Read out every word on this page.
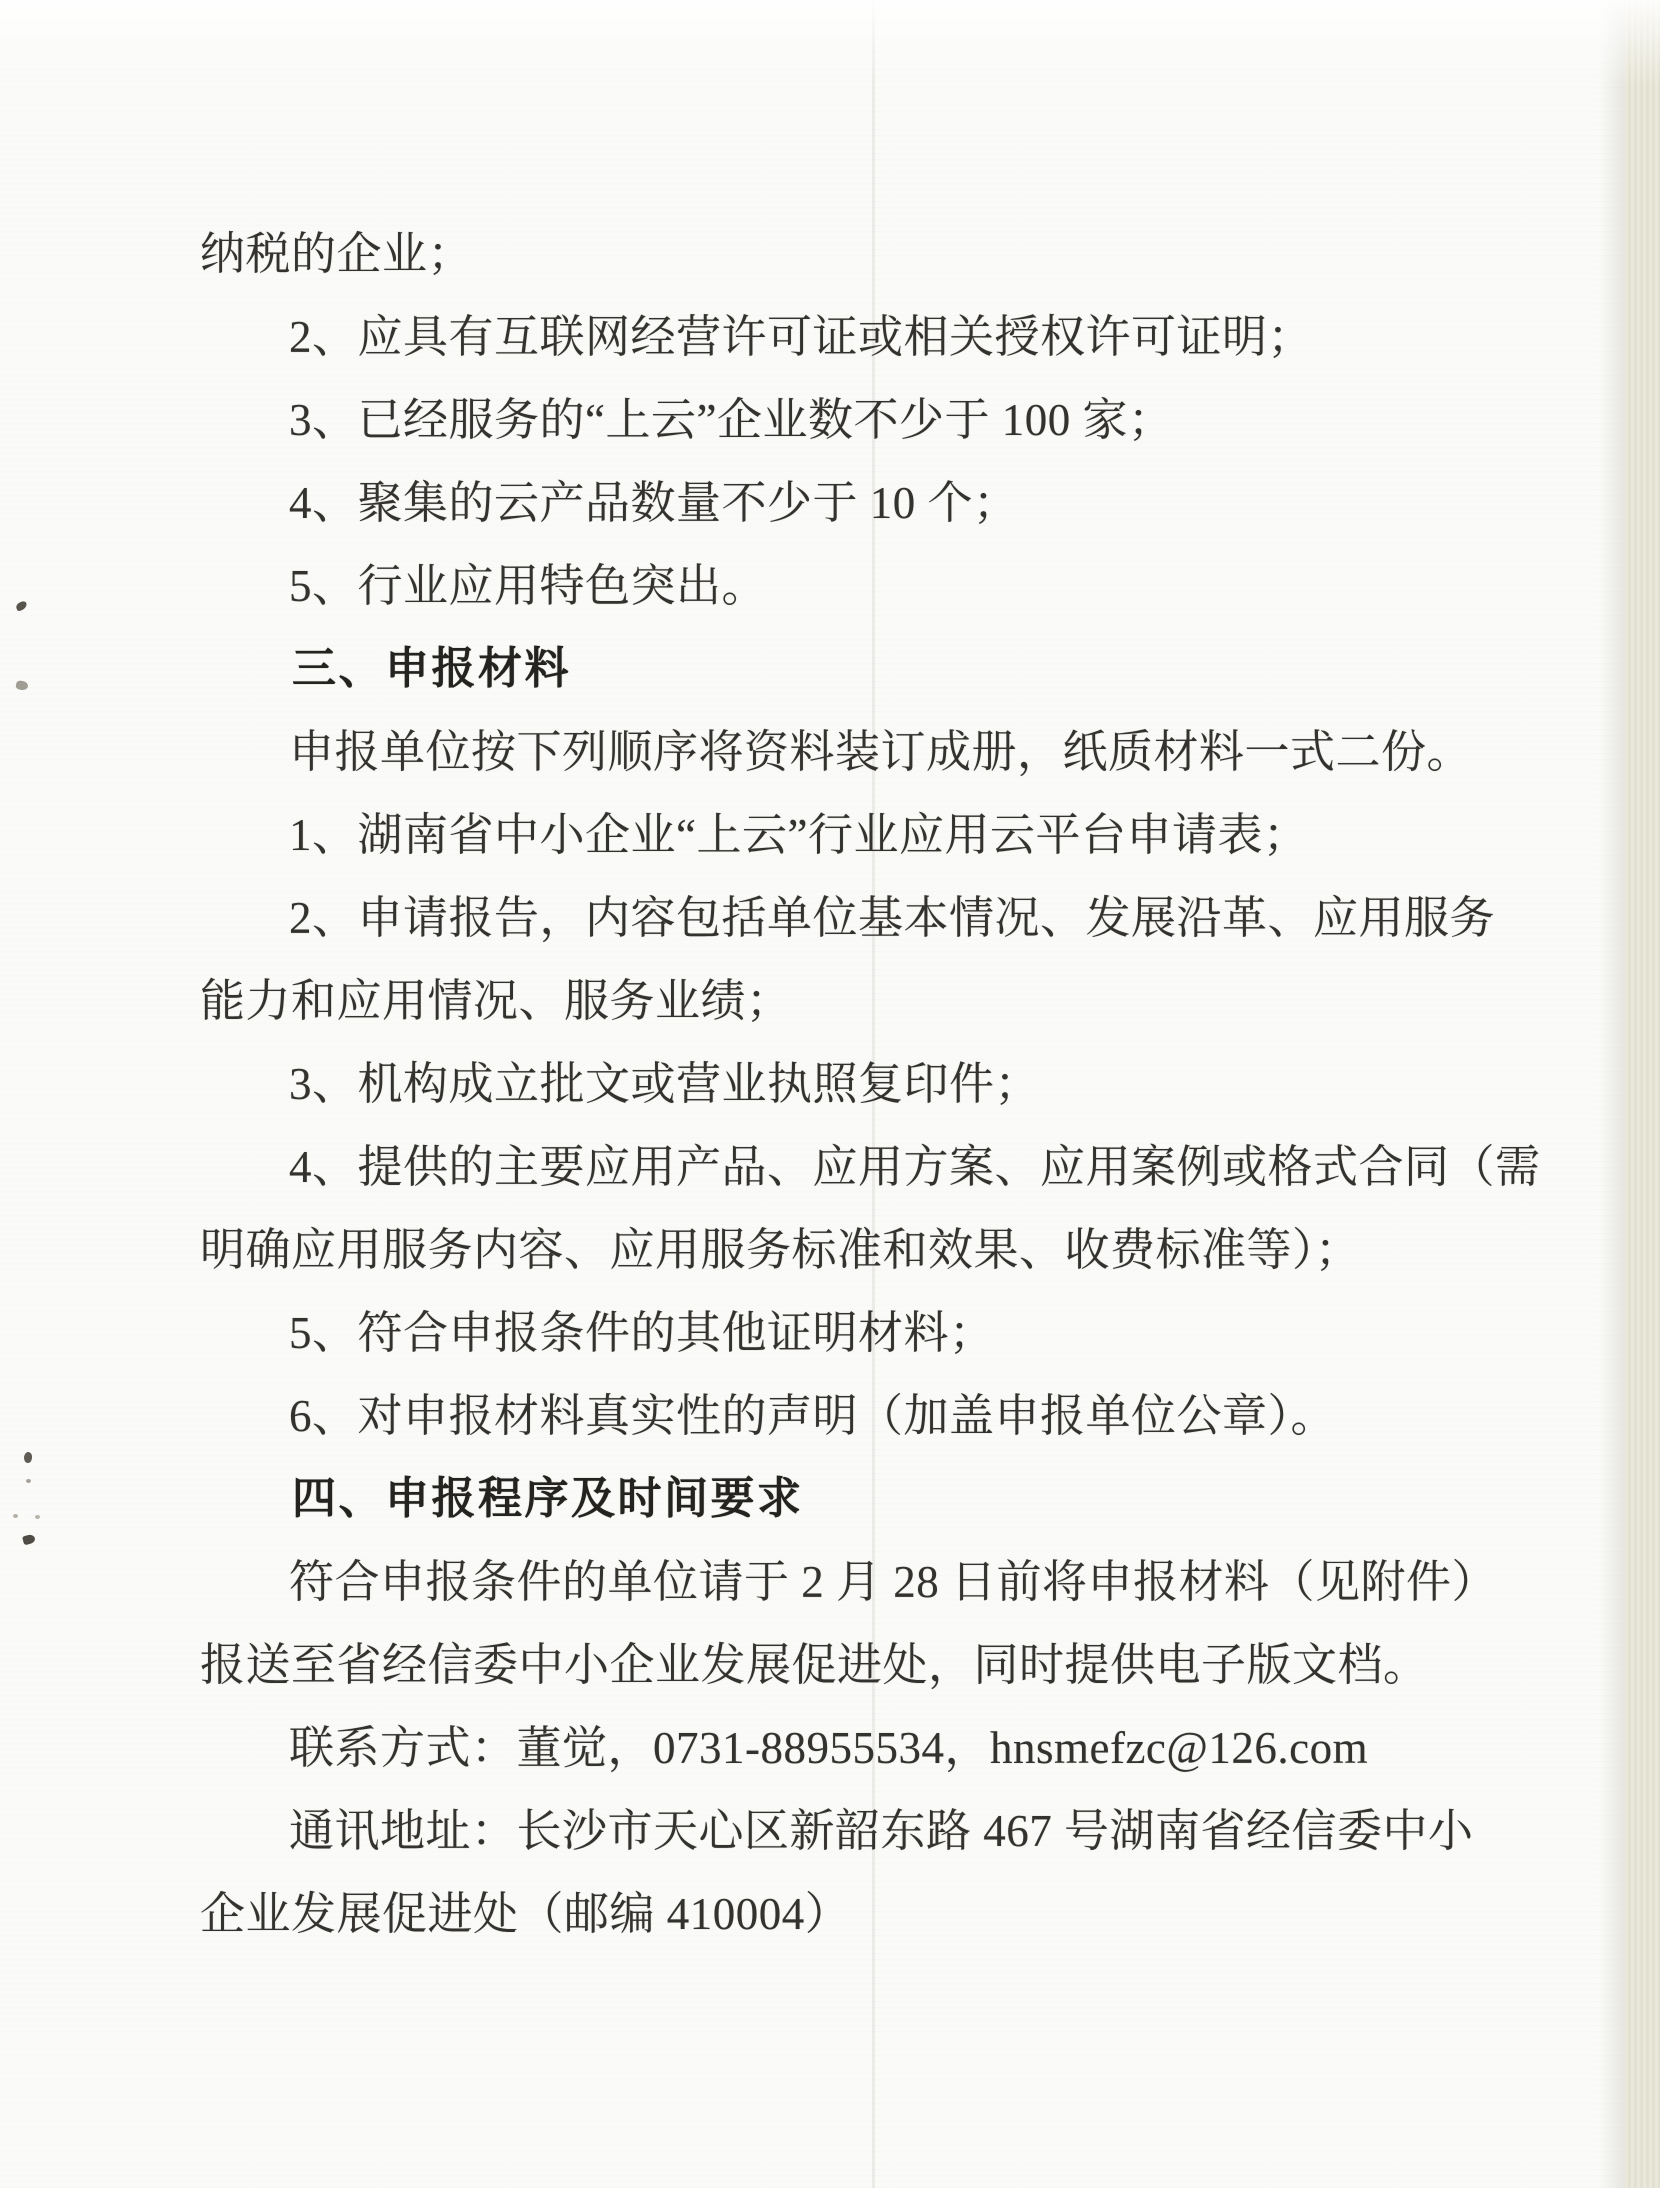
纳税的企业；
2、应具有互联网经营许可证或相关授权许可证明；
3、已经服务的“上云”企业数不少于 100 家；
4、聚集的云产品数量不少于 10 个；
5、行业应用特色突出。
三、申报材料
申报单位按下列顺序将资料装订成册，纸质材料一式二份。
1、湖南省中小企业“上云”行业应用云平台申请表；
2、申请报告，内容包括单位基本情况、发展沿革、应用服务
能力和应用情况、服务业绩；
3、机构成立批文或营业执照复印件；
4、提供的主要应用产品、应用方案、应用案例或格式合同（需
明确应用服务内容、应用服务标准和效果、收费标准等）；
5、符合申报条件的其他证明材料；
6、对申报材料真实性的声明（加盖申报单位公章）。
四、申报程序及时间要求
符合申报条件的单位请于 2 月 28 日前将申报材料（见附件）
报送至省经信委中小企业发展促进处，同时提供电子版文档。
联系方式：董觉，0731-88955534，hnsmefzc@126.com
通讯地址：长沙市天心区新韶东路 467 号湖南省经信委中小
企业发展促进处（邮编 410004）
